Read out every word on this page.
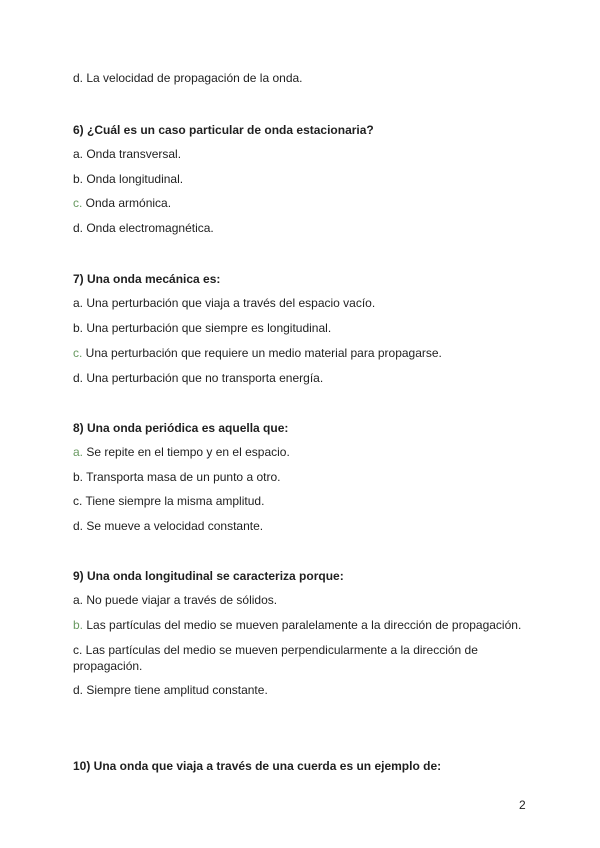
d. La velocidad de propagación de la onda.
6) ¿Cuál es un caso particular de onda estacionaria?
a. Onda transversal.
b. Onda longitudinal.
c. Onda armónica.
d. Onda electromagnética.
7) Una onda mecánica es:
a. Una perturbación que viaja a través del espacio vacío.
b. Una perturbación que siempre es longitudinal.
c. Una perturbación que requiere un medio material para propagarse.
d. Una perturbación que no transporta energía.
8) Una onda periódica es aquella que:
a. Se repite en el tiempo y en el espacio.
b. Transporta masa de un punto a otro.
c. Tiene siempre la misma amplitud.
d. Se mueve a velocidad constante.
9) Una onda longitudinal se caracteriza porque:
a. No puede viajar a través de sólidos.
b. Las partículas del medio se mueven paralelamente a la dirección de propagación.
c. Las partículas del medio se mueven perpendicularmente a la dirección de propagación.
d. Siempre tiene amplitud constante.
10) Una onda que viaja a través de una cuerda es un ejemplo de:
2
